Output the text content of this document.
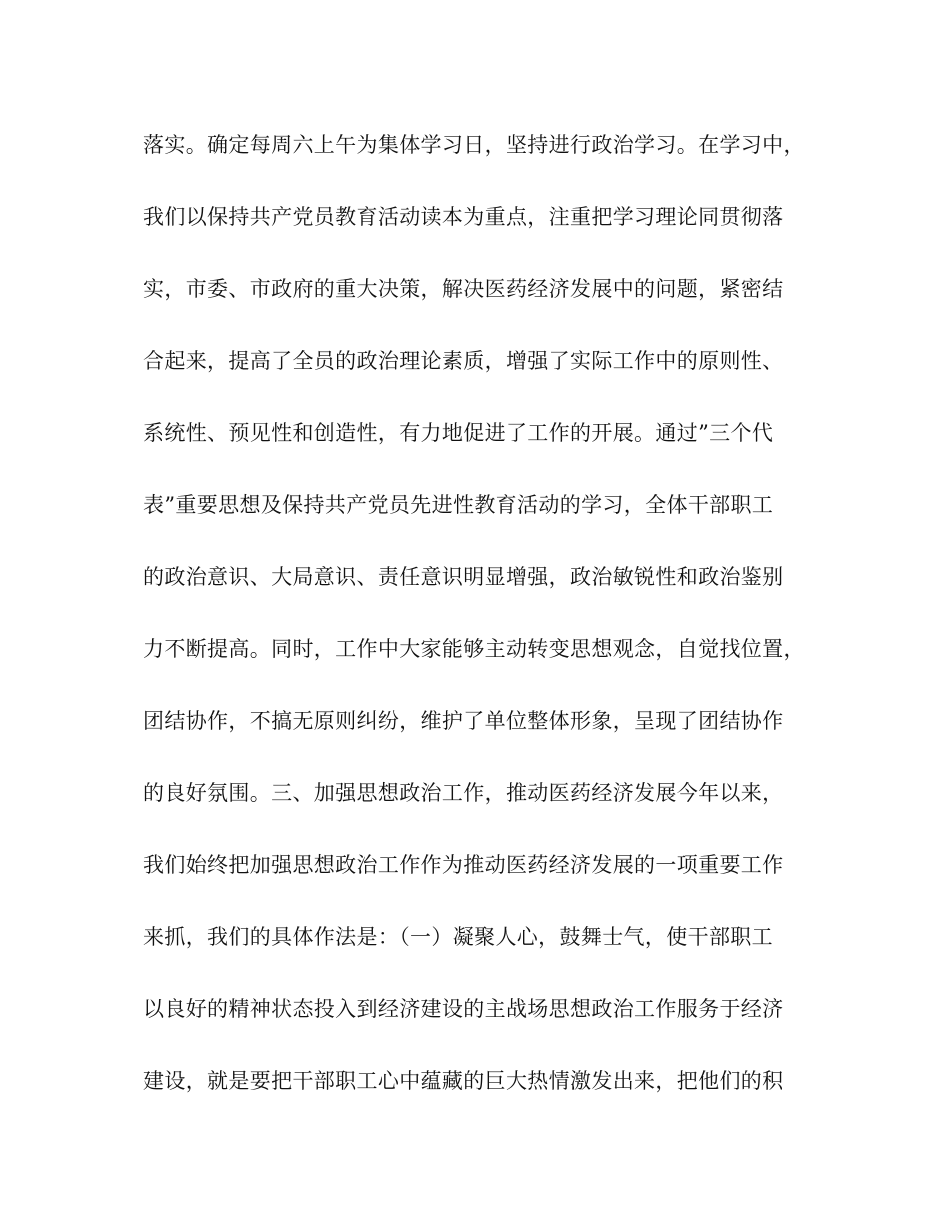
落实。确定每周六上午为集体学习日，坚持进行政治学习。在学习中，
我们以保持共产党员教育活动读本为重点，注重把学习理论同贯彻落
实，市委、市政府的重大决策，解决医药经济发展中的问题，紧密结
合起来，提高了全员的政治理论素质，增强了实际工作中的原则性、
系统性、预见性和创造性，有力地促进了工作的开展。通过”三个代
表”重要思想及保持共产党员先进性教育活动的学习，全体干部职工
的政治意识、大局意识、责任意识明显增强，政治敏锐性和政治鉴别
力不断提高。同时，工作中大家能够主动转变思想观念，自觉找位置，
团结协作，不搞无原则纠纷，维护了单位整体形象，呈现了团结协作
的良好氛围。三、加强思想政治工作，推动医药经济发展今年以来，
我们始终把加强思想政治工作作为推动医药经济发展的一项重要工作
来抓，我们的具体作法是：（一）凝聚人心，鼓舞士气，使干部职工
以良好的精神状态投入到经济建设的主战场思想政治工作服务于经济
建设，就是要把干部职工心中蕴藏的巨大热情激发出来，把他们的积
